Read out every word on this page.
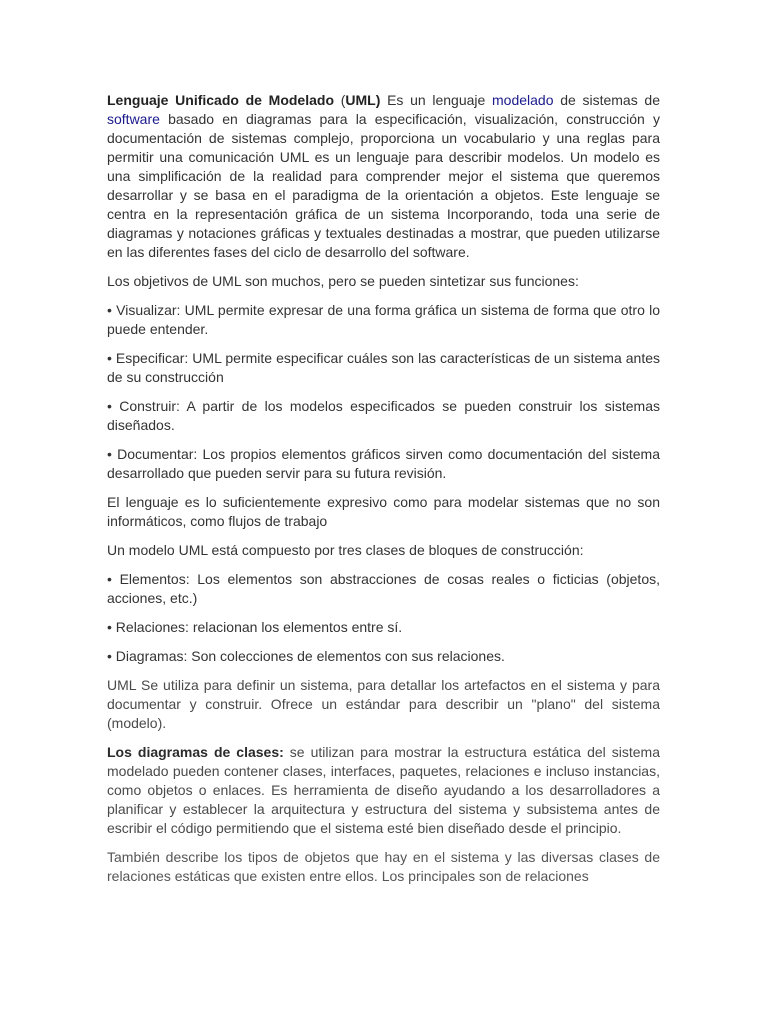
Lenguaje Unificado de Modelado (UML) Es un lenguaje modelado de sistemas de software basado en diagramas para la especificación, visualización, construcción y documentación de sistemas complejo, proporciona un vocabulario y una reglas para permitir una comunicación UML es un lenguaje para describir modelos. Un modelo es una simplificación de la realidad para comprender mejor el sistema que queremos desarrollar y se basa en el paradigma de la orientación a objetos. Este lenguaje se centra en la representación gráfica de un sistema Incorporando, toda una serie de diagramas y notaciones gráficas y textuales destinadas a mostrar, que pueden utilizarse en las diferentes fases del ciclo de desarrollo del software.

Los objetivos de UML son muchos, pero se pueden sintetizar sus funciones:

• Visualizar: UML permite expresar de una forma gráfica un sistema de forma que otro lo puede entender.

• Especificar: UML permite especificar cuáles son las características de un sistema antes de su construcción

• Construir: A partir de los modelos especificados se pueden construir los sistemas diseñados.

• Documentar: Los propios elementos gráficos sirven como documentación del sistema desarrollado que pueden servir para su futura revisión.

El lenguaje es lo suficientemente expresivo como para modelar sistemas que no son informáticos, como flujos de trabajo

Un modelo UML está compuesto por tres clases de bloques de construcción:

• Elementos: Los elementos son abstracciones de cosas reales o ficticias (objetos, acciones, etc.)

• Relaciones: relacionan los elementos entre sí.

• Diagramas: Son colecciones de elementos con sus relaciones.

UML Se utiliza para definir un sistema, para detallar los artefactos en el sistema y para documentar y construir. Ofrece un estándar para describir un "plano" del sistema (modelo).

Los diagramas de clases: se utilizan para mostrar la estructura estática del sistema modelado pueden contener clases, interfaces, paquetes, relaciones e incluso instancias, como objetos o enlaces. Es herramienta de diseño ayudando a los desarrolladores a planificar y establecer la arquitectura y estructura del sistema y subsistema antes de escribir el código permitiendo que el sistema esté bien diseñado desde el principio.

También describe los tipos de objetos que hay en el sistema y las diversas clases de relaciones estáticas que existen entre ellos. Los principales son de relaciones
